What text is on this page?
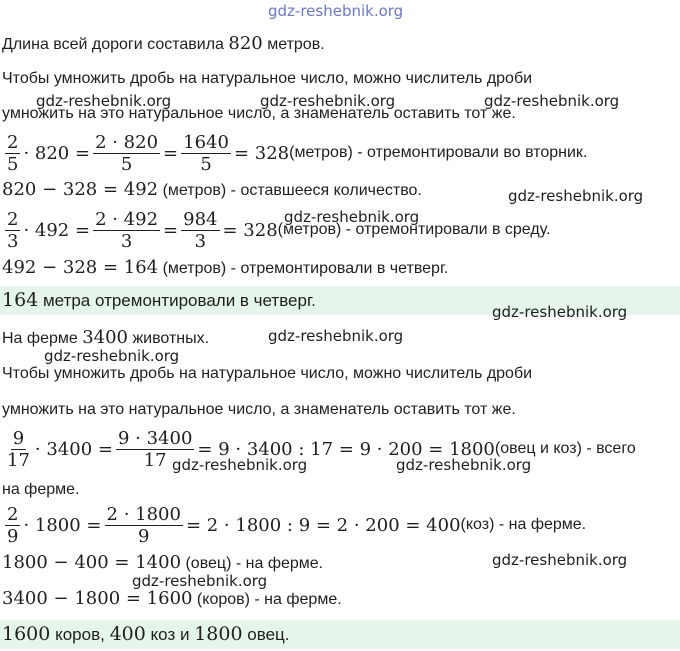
gdz-reshebnik.org
Длина всей дороги составила 820 метров.
Чтобы умножить дробь на натуральное число, можно числитель дроби
умножить на это натуральное число, а знаменатель оставить тот же.
$\frac{2}{5} \cdot 820 = \frac{2 \cdot 820}{5} = \frac{1640}{5} = 328$ (метров) - отремонтировали во вторник.
820 − 328 = 492 (метров) - оставшееся количество.
$\frac{2}{3} \cdot 492 = \frac{2 \cdot 492}{3} = \frac{984}{3} = 328$ (метров) - отремонтировали в среду.
492 − 328 = 164 (метров) - отремонтировали в четверг.
164 метра отремонтировали в четверг.
На ферме 3400 животных.
Чтобы умножить дробь на натуральное число, можно числитель дроби
умножить на это натуральное число, а знаменатель оставить тот же.
$\frac{9}{17} \cdot 3400 = \frac{9 \cdot 3400}{17} = 9 \cdot 3400$ : 17 = 9 · 200 = 1800 (овец и коз) - всего
на ферме.
$\frac{2}{9} \cdot 1800 = \frac{2 \cdot 1800}{9} = 2 \cdot 1800$ : 9 = 2 · 200 = 400 (коз) - на ферме.
1800 − 400 = 1400 (овец) - на ферме.
3400 − 1800 = 1600 (коров) - на ферме.
1600 коров, 400 коз и 1800 овец.
gdz-reshebnik.org	gdz-reshebnik.org	gdz-reshebnik.org
gdz-reshebnik.org
gdz-reshebnik.org
gdz-reshebnik.org
gdz-reshebnik.org
gdz-reshebnik.org
gdz-reshebnik.org	gdz-reshebnik.org
gdz-reshebnik.org
gdz-reshebnik.org
